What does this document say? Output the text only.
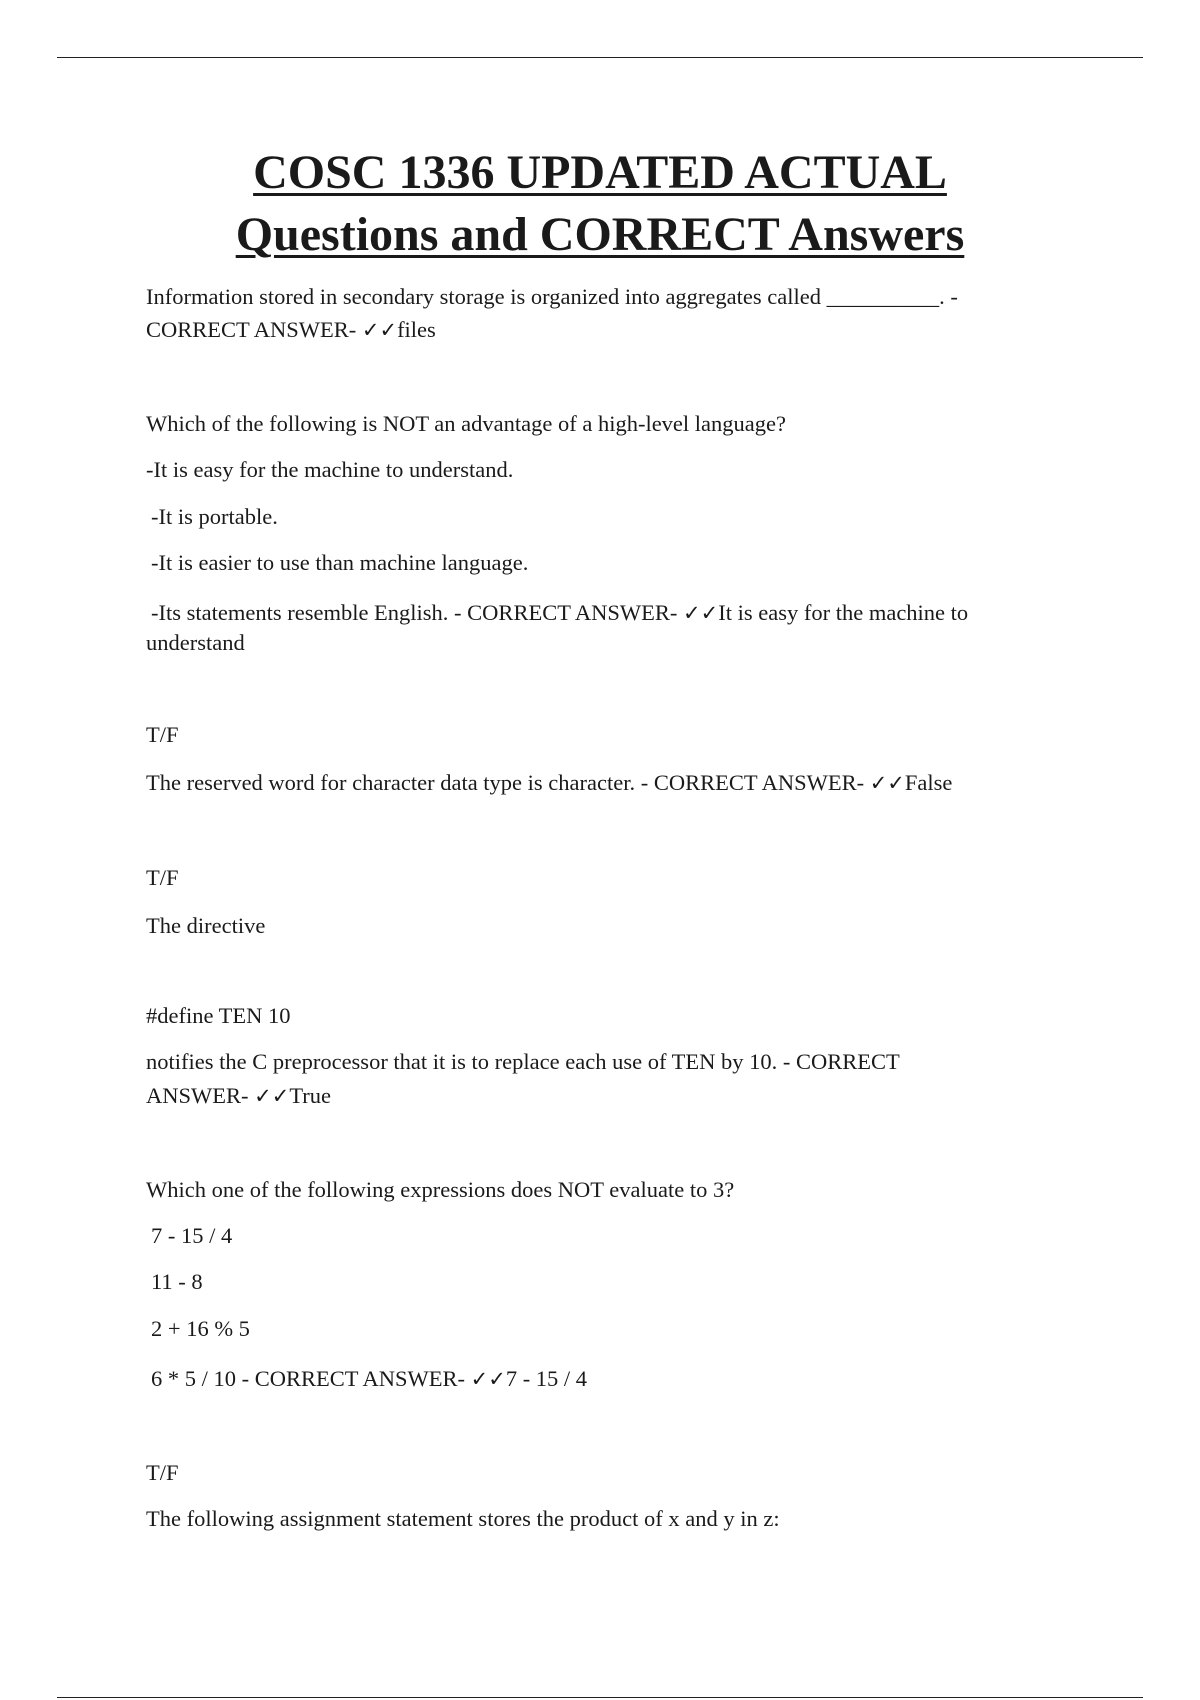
COSC 1336 UPDATED ACTUAL
Questions and CORRECT Answers

Information stored in secondary storage is organized into aggregates called __________. -

CORRECT ANSWER- ✓✓files

Which of the following is NOT an advantage of a high-level language?

-It is easy for the machine to understand.

-It is portable.

-It is easier to use than machine language.

-Its statements resemble English. - CORRECT ANSWER- ✓✓It is easy for the machine to

understand

T/F

The reserved word for character data type is character. - CORRECT ANSWER- ✓✓False

T/F

The directive

#define TEN 10

notifies the C preprocessor that it is to replace each use of TEN by 10. - CORRECT

ANSWER- ✓✓True

Which one of the following expressions does NOT evaluate to 3?

7 - 15 / 4

11 - 8

2 + 16 % 5

6 * 5 / 10 - CORRECT ANSWER- ✓✓7 - 15 / 4

T/F

The following assignment statement stores the product of x and y in z:
